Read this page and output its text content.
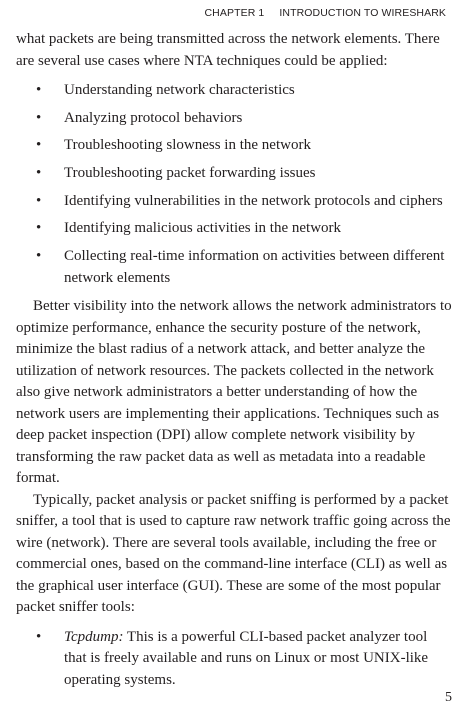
CHAPTER 1 INTRODUCTION TO WIRESHARK

what packets are being transmitted across the network elements. There are several use cases where NTA techniques could be applied:

• Understanding network characteristics
• Analyzing protocol behaviors
• Troubleshooting slowness in the network
• Troubleshooting packet forwarding issues
• Identifying vulnerabilities in the network protocols and ciphers
• Identifying malicious activities in the network
• Collecting real-time information on activities between different network elements

Better visibility into the network allows the network administrators to optimize performance, enhance the security posture of the network, minimize the blast radius of a network attack, and better analyze the utilization of network resources. The packets collected in the network also give network administrators a better understanding of how the network users are implementing their applications. Techniques such as deep packet inspection (DPI) allow complete network visibility by transforming the raw packet data as well as metadata into a readable format.

Typically, packet analysis or packet sniffing is performed by a packet sniffer, a tool that is used to capture raw network traffic going across the wire (network). There are several tools available, including the free or commercial ones, based on the command-line interface (CLI) as well as the graphical user interface (GUI). These are some of the most popular packet sniffer tools:

• Tcpdump: This is a powerful CLI-based packet analyzer tool that is freely available and runs on Linux or most UNIX-like operating systems.
5
